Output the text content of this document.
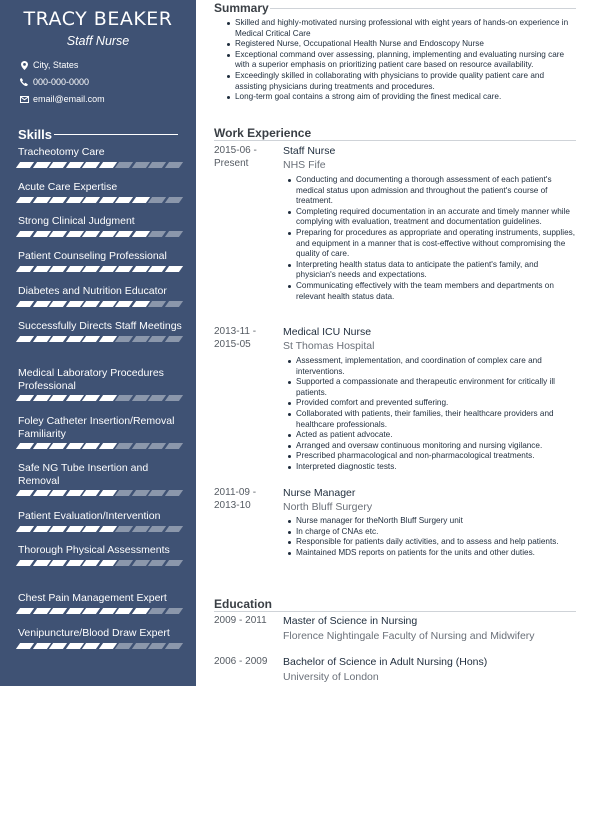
TRACY BEAKER
Staff Nurse
City, States
000-000-0000
email@email.com
Skills
Tracheotomy Care
Acute Care Expertise
Strong Clinical Judgment
Patient Counseling Professional
Diabetes and Nutrition Educator
Successfully Directs Staff Meetings
Medical Laboratory Procedures Professional
Foley Catheter Insertion/Removal Familiarity
Safe NG Tube Insertion and Removal
Patient Evaluation/Intervention
Thorough Physical Assessments
Chest Pain Management Expert
Venipuncture/Blood Draw Expert
Summary
Skilled and highly-motivated nursing professional with eight years of hands-on experience in Medical Critical Care
Registered Nurse, Occupational Health Nurse and Endoscopy Nurse
Exceptional command over assessing, planning, implementing and evaluating nursing care with a superior emphasis on prioritizing patient care based on resource availability.
Exceedingly skilled in collaborating with physicians to provide quality patient care and assisting physicians during treatments and procedures.
Long-term goal contains a strong aim of providing the finest medical care.
Work Experience
2015-06 - Present
Staff Nurse
NHS Fife
Conducting and documenting a thorough assessment of each patient's medical status upon admission and throughout the patient's course of treatment.
Completing required documentation in an accurate and timely manner while complying with evaluation, treatment and documentation guidelines.
Preparing for procedures as appropriate and operating instruments, supplies, and equipment in a manner that is cost-effective without compromising the quality of care.
Interpreting health status data to anticipate the patient's family, and physician's needs and expectations.
Communicating effectively with the team members and departments on relevant health status data.
2013-11 - 2015-05
Medical ICU Nurse
St Thomas Hospital
Assessment, implementation, and coordination of complex care and interventions.
Supported a compassionate and therapeutic environment for critically ill patients.
Provided comfort and prevented suffering.
Collaborated with patients, their families, their healthcare providers and healthcare professionals.
Acted as patient advocate.
Arranged and oversaw continuous monitoring and nursing vigilance.
Prescribed pharmacological and non-pharmacological treatments.
Interpreted diagnostic tests.
2011-09 - 2013-10
Nurse Manager
North Bluff Surgery
Nurse manager for theNorth Bluff Surgery unit
In charge of CNAs etc.
Responsible for patients daily activities, and to assess and help patients.
Maintained MDS reports on patients for the units and other duties.
Education
2009 - 2011 Master of Science in Nursing
Florence Nightingale Faculty of Nursing and Midwifery
2006 - 2009 Bachelor of Science in Adult Nursing (Hons)
University of London
